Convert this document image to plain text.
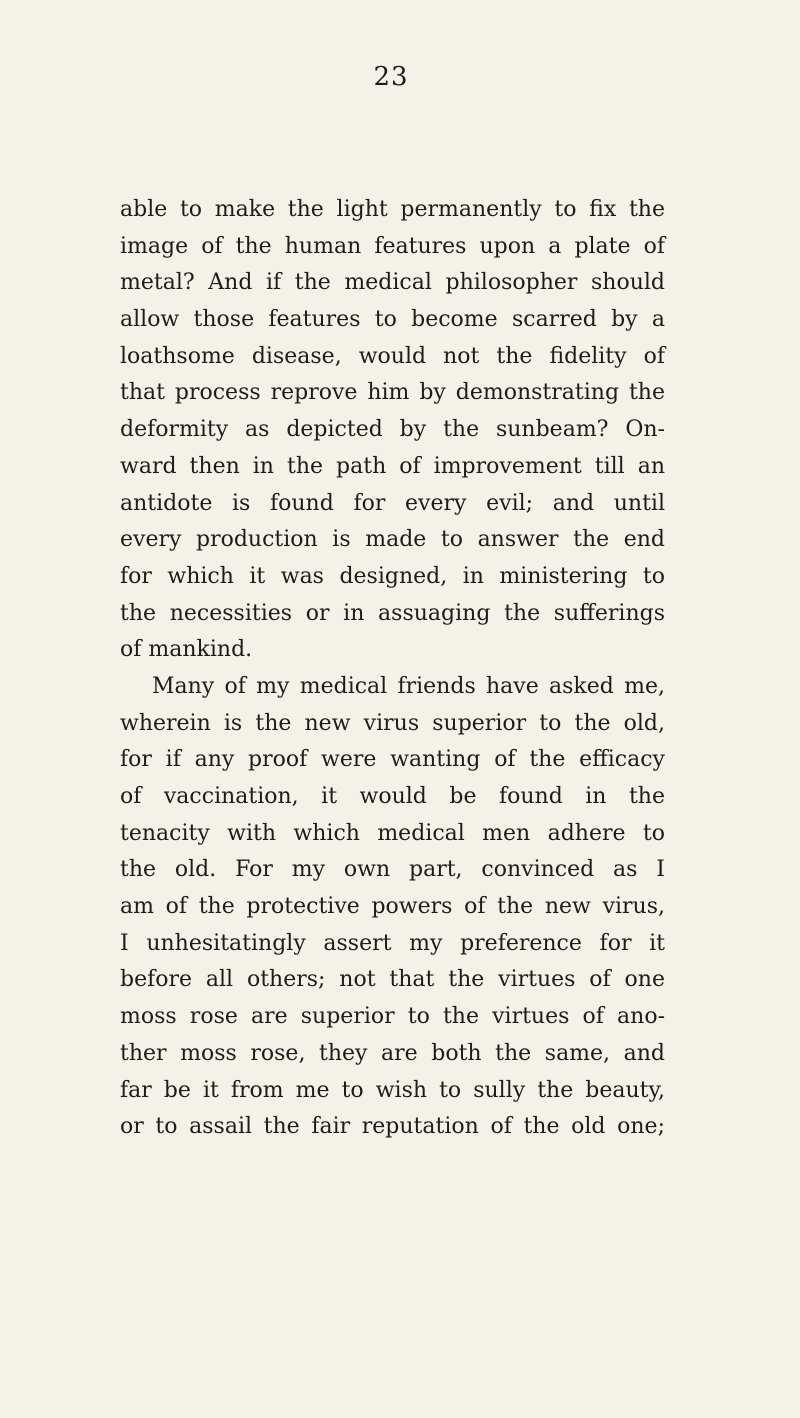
23
able to make the light permanently to fix the
image of the human features upon a plate of
metal? And if the medical philosopher should
allow those features to become scarred by a
loathsome disease, would not the fidelity of
that process reprove him by demonstrating the
deformity as depicted by the sunbeam? On-
ward then in the path of improvement till an
antidote is found for every evil; and until
every production is made to answer the end
for which it was designed, in ministering to
the necessities or in assuaging the sufferings
of mankind.
Many of my medical friends have asked me,
wherein is the new virus superior to the old,
for if any proof were wanting of the efficacy
of vaccination, it would be found in the
tenacity with which medical men adhere to
the old. For my own part, convinced as I
am of the protective powers of the new virus,
I unhesitatingly assert my preference for it
before all others; not that the virtues of one
moss rose are superior to the virtues of ano-
ther moss rose, they are both the same, and
far be it from me to wish to sully the beauty,
or to assail the fair reputation of the old one;
